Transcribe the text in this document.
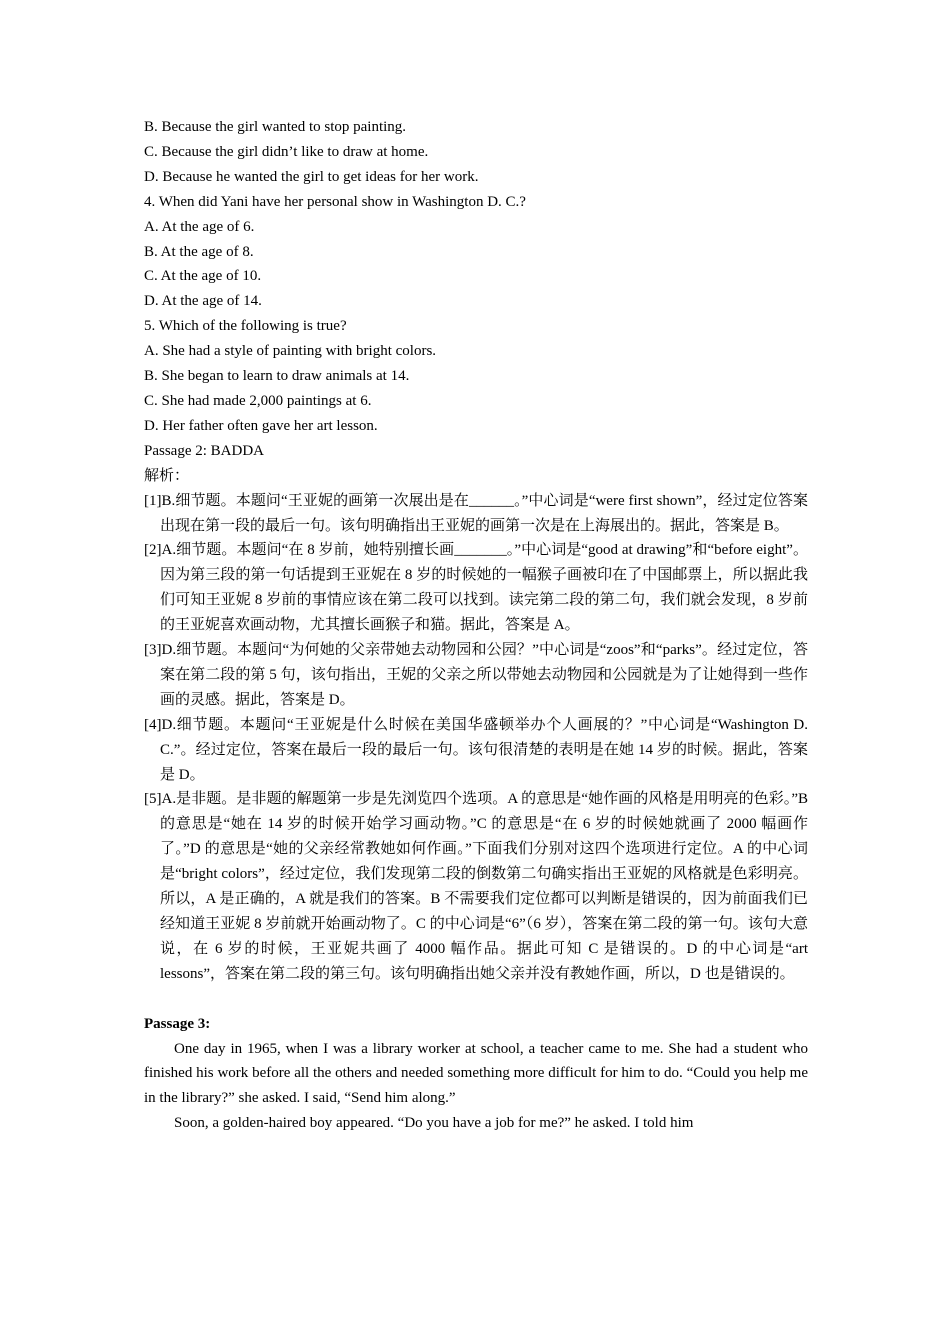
B. Because the girl wanted to stop painting.
C. Because the girl didn’t like to draw at home.
D. Because he wanted the girl to get ideas for her work.
4. When did Yani have her personal show in Washington D. C.?
A. At the age of 6.
B. At the age of 8.
C. At the age of 10.
D. At the age of 14.
5. Which of the following is true?
A. She had a style of painting with bright colors.
B. She began to learn to draw animals at 14.
C. She had made 2,000 paintings at 6.
D. Her father often gave her art lesson.
Passage 2: BADDA
解析：

[1]B.细节题。本题问“王亚妮的画第一次展出是在______。”中心词是“were first shown”，经过定位答案出现在第一段的最后一句。该句明确指出王亚妮的画第一次是在上海展出的。据此，答案是 B。

[2]A.细节题。本题问“在 8 岁前，她特别擅长画_______。”中心词是“good at drawing”和“before eight”。因为第三段的第一句话提到王亚妮在 8 岁的时候她的一幅猴子画被印在了中国邮票上，所以据此我们可知王亚妮 8 岁前的事情应该在第二段可以找到。读完第二段的第二句，我们就会发现，8 岁前的王亚妮喜欢画动物，尤其擅长画猴子和猫。据此，答案是 A。

[3]D.细节题。本题问“为何她的父亲带她去动物园和公园？”中心词是“zoos”和“parks”。经过定位，答案在第二段的第 5 句，该句指出，王妮的父亲之所以带她去动物园和公园就是为了让她得到一些作画的灵感。据此，答案是 D。

[4]D.细节题。本题问“王亚妮是什么时候在美国华盛顿举办个人画展的？”中心词是“Washington D. C.”。经过定位，答案在最后一段的最后一句。该句很清楚的表明是在她 14 岁的时候。据此，答案是 D。

[5]A.是非题。是非题的解题第一步是先浏览四个选项。A 的意思是“她作画的风格是用明亮的色彩。”B 的意思是“她在 14 岁的时候开始学习画动物。”C 的意思是“在 6 岁的时候她就画了 2000 幅画作了。”D 的意思是“她的父亲经常教她如何作画。”下面我们分别对这四个选项进行定位。A 的中心词是“bright colors”，经过定位，我们发现第二段的倒数第二句确实指出王亚妮的风格就是色彩明亮。所以，A 是正确的，A 就是我们的答案。B 不需要我们定位都可以判断是错误的，因为前面我们已经知道王亚妮 8 岁前就开始画动物了。C 的中心词是“6”（6 岁），答案在第二段的第一句。该句大意说，在 6 岁的时候，王亚妮共画了 4000 幅作品。据此可知 C 是错误的。D 的中心词是“art lessons”，答案在第二段的第三句。该句明确指出她父亲并没有教她作画，所以，D 也是错误的。

Passage 3:

One day in 1965, when I was a library worker at school, a teacher came to me. She had a student who finished his work before all the others and needed something more difficult for him to do. “Could you help me in the library?” she asked. I said, “Send him along.”

Soon, a golden-haired boy appeared. “Do you have a job for me?” he asked. I told him
